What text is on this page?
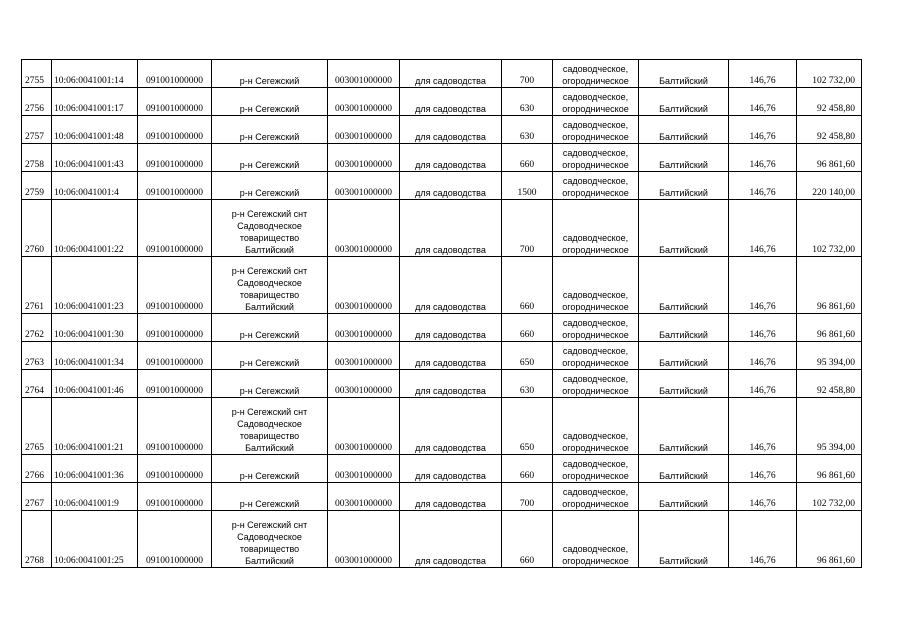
2755	10:06:0041001:14	091001000000	р-н Сегежский	003001000000	для садоводства	700	садоводческое,
огородническое	Балтийский	146,76	102 732,00
2756	10:06:0041001:17	091001000000	р-н Сегежский	003001000000	для садоводства	630	садоводческое,
огородническое	Балтийский	146,76	92 458,80
2757	10:06:0041001:48	091001000000	р-н Сегежский	003001000000	для садоводства	630	садоводческое,
огородническое	Балтийский	146,76	92 458,80
2758	10:06:0041001:43	091001000000	р-н Сегежский	003001000000	для садоводства	660	садоводческое,
огородническое	Балтийский	146,76	96 861,60
2759	10:06:0041001:4	091001000000	р-н Сегежский	003001000000	для садоводства	1500	садоводческое,
огородническое	Балтийский	146,76	220 140,00
2760	10:06:0041001:22	091001000000	р-н Сегежский снт
Садоводческое
товарищество
Балтийский	003001000000	для садоводства	700	садоводческое,
огородническое	Балтийский	146,76	102 732,00
2761	10:06:0041001:23	091001000000	р-н Сегежский снт
Садоводческое
товарищество
Балтийский	003001000000	для садоводства	660	садоводческое,
огородническое	Балтийский	146,76	96 861,60
2762	10:06:0041001:30	091001000000	р-н Сегежский	003001000000	для садоводства	660	садоводческое,
огородническое	Балтийский	146,76	96 861,60
2763	10:06:0041001:34	091001000000	р-н Сегежский	003001000000	для садоводства	650	садоводческое,
огородническое	Балтийский	146,76	95 394,00
2764	10:06:0041001:46	091001000000	р-н Сегежский	003001000000	для садоводства	630	садоводческое,
огородническое	Балтийский	146,76	92 458,80
2765	10:06:0041001:21	091001000000	р-н Сегежский снт
Садоводческое
товарищество
Балтийский	003001000000	для садоводства	650	садоводческое,
огородническое	Балтийский	146,76	95 394,00
2766	10:06:0041001:36	091001000000	р-н Сегежский	003001000000	для садоводства	660	садоводческое,
огородническое	Балтийский	146,76	96 861,60
2767	10:06:0041001:9	091001000000	р-н Сегежский	003001000000	для садоводства	700	садоводческое,
огородническое	Балтийский	146,76	102 732,00
2768	10:06:0041001:25	091001000000	р-н Сегежский снт
Садоводческое
товарищество
Балтийский	003001000000	для садоводства	660	садоводческое,
огородническое	Балтийский	146,76	96 861,60
